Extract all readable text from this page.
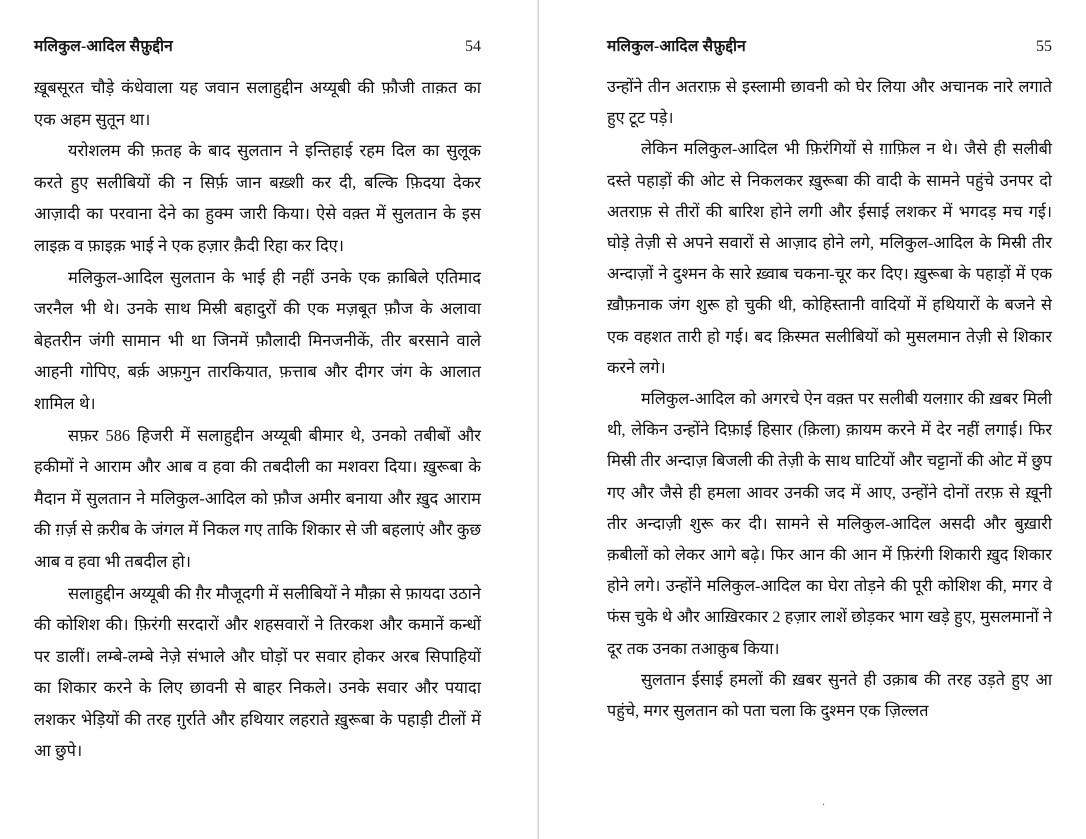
मलिकुल-आदिल सैफ़ुद्दीन	54

ख़ूबसूरत चौड़े कंधेवाला यह जवान सलाहुद्दीन अय्यूबी की फ़ौजी ताक़त का एक अहम सुतून था।

यरोशलम की फ़तह के बाद सुलतान ने इन्तिहाई रहम दिल का सुलूक करते हुए सलीबियों की न सिर्फ़ जान बख़्शी कर दी, बल्कि फ़िदया देकर आज़ादी का परवाना देने का हुक्म जारी किया। ऐसे वक़्त में सुलतान के इस लाइक़ व फ़ाइक़ भाई ने एक हज़ार क़ैदी रिहा कर दिए।

मलिकुल-आदिल सुलतान के भाई ही नहीं उनके एक क़ाबिले एतिमाद जरनैल भी थे। उनके साथ मिस्री बहादुरों की एक मज़बूत फ़ौज के अलावा बेहतरीन जंगी सामान भी था जिनमें फ़ौलादी मिनजनीकें, तीर बरसाने वाले आहनी गोपिए, बर्क़ अफ़गुन तारकियात, फ़त्ताब और दीगर जंग के आलात शामिल थे।

सफ़र 586 हिजरी में सलाहुद्दीन अय्यूबी बीमार थे, उनको तबीबों और हकीमों ने आराम और आब व हवा की तबदीली का मशवरा दिया। ख़ुरूबा के मैदान में सुलतान ने मलिकुल-आदिल को फ़ौज अमीर बनाया और ख़ुद आराम की ग़र्ज़ से क़रीब के जंगल में निकल गए ताकि शिकार से जी बहलाएं और कुछ आब व हवा भी तबदील हो।

सलाहुद्दीन अय्यूबी की ग़ैर मौजूदगी में सलीबियों ने मौक़ा से फ़ायदा उठाने की कोशिश की। फ़िरंगी सरदारों और शहसवारों ने तिरकश और कमानें कन्धों पर डालीं। लम्बे-लम्बे नेज़े संभाले और घोड़ों पर सवार होकर अरब सिपाहियों का शिकार करने के लिए छावनी से बाहर निकले। उनके सवार और पयादा लशकर भेड़ियों की तरह ग़ुर्राते और हथियार लहराते ख़ुरूबा के पहाड़ी टीलों में आ छुपे।

मलिकुल-आदिल सैफ़ुद्दीन	55

उन्होंने तीन अतराफ़ से इस्लामी छावनी को घेर लिया और अचानक नारे लगाते हुए टूट पड़े।

लेकिन मलिकुल-आदिल भी फ़िरंगियों से ग़ाफ़िल न थे। जैसे ही सलीबी दस्ते पहाड़ों की ओट से निकलकर ख़ुरूबा की वादी के सामने पहुंचे उनपर दो अतराफ़ से तीरों की बारिश होने लगी और ईसाई लशकर में भगदड़ मच गई। घोड़े तेज़ी से अपने सवारों से आज़ाद होने लगे, मलिकुल-आदिल के मिस्री तीर अन्दाज़ों ने दुश्मन के सारे ख़्वाब चकना-चूर कर दिए। ख़ुरूबा के पहाड़ों में एक ख़ौफ़नाक जंग शुरू हो चुकी थी, कोहिस्तानी वादियों में हथियारों के बजने से एक वहशत तारी हो गई। बद क़िस्मत सलीबियों को मुसलमान तेज़ी से शिकार करने लगे।

मलिकुल-आदिल को अगरचे ऐन वक़्त पर सलीबी यलग़ार की ख़बर मिली थी, लेकिन उन्होंने दिफ़ाई हिसार (क़िला) क़ायम करने में देर नहीं लगाई। फिर मिस्री तीर अन्दाज़ बिजली की तेज़ी के साथ घाटियों और चट्टानों की ओट में छुप गए और जैसे ही हमला आवर उनकी जद में आए, उन्होंने दोनों तरफ़ से ख़ूनी तीर अन्दाज़ी शुरू कर दी। सामने से मलिकुल-आदिल असदी और बुख़ारी क़बीलों को लेकर आगे बढ़े। फिर आन की आन में फ़िरंगी शिकारी ख़ुद शिकार होने लगे। उन्होंने मलिकुल-आदिल का घेरा तोड़ने की पूरी कोशिश की, मगर वे फंस चुके थे और आख़िरकार 2 हज़ार लाशें छोड़कर भाग खड़े हुए, मुसलमानों ने दूर तक उनका तआक़ुब किया।

सुलतान ईसाई हमलों की ख़बर सुनते ही उक़ाब की तरह उड़ते हुए आ पहुंचे, मगर सुलतान को पता चला कि दुश्मन एक ज़िल्लत

.
